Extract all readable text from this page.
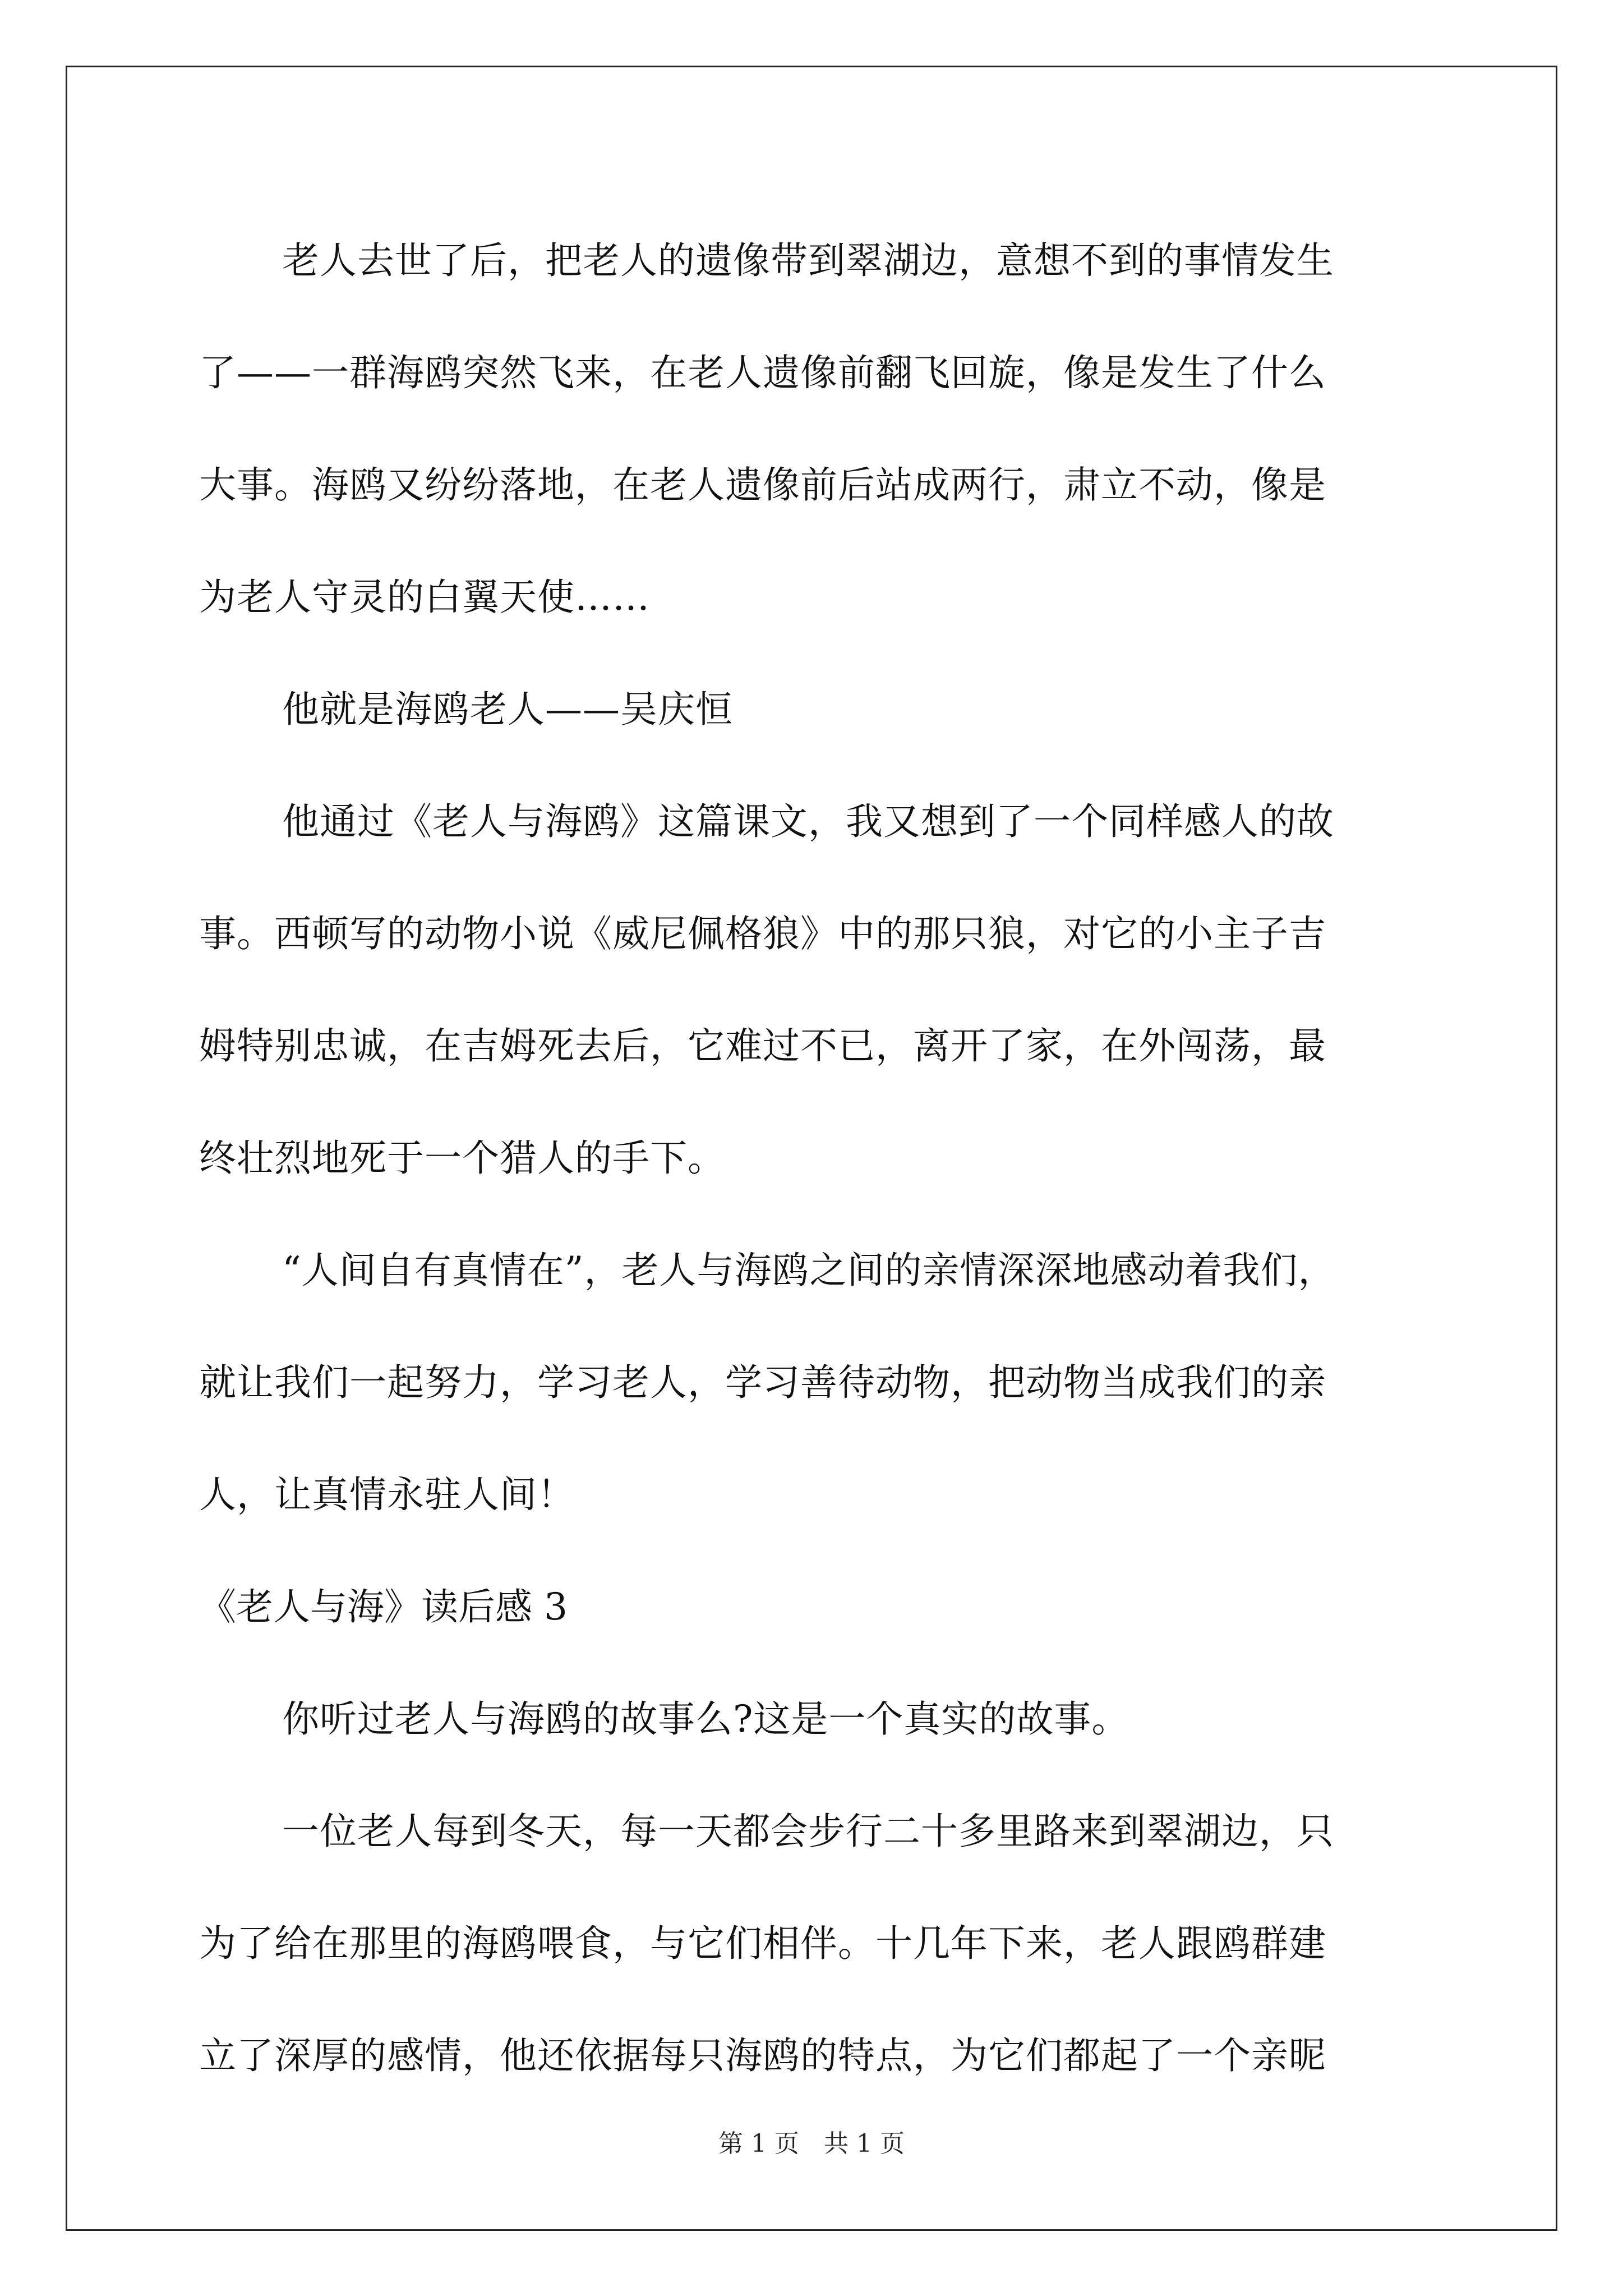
老人去世了后，把老人的遗像带到翠湖边，意想不到的事情发生
了——一群海鸥突然飞来，在老人遗像前翻飞回旋，像是发生了什么
大事。海鸥又纷纷落地，在老人遗像前后站成两行，肃立不动，像是
为老人守灵的白翼天使……
他就是海鸥老人——吴庆恒
他通过《老人与海鸥》这篇课文，我又想到了一个同样感人的故
事。西顿写的动物小说《威尼佩格狼》中的那只狼，对它的小主子吉
姆特别忠诚，在吉姆死去后，它难过不已，离开了家，在外闯荡，最
终壮烈地死于一个猎人的手下。
“人间自有真情在”，老人与海鸥之间的亲情深深地感动着我们，
就让我们一起努力，学习老人，学习善待动物，把动物当成我们的亲
人，让真情永驻人间！
《老人与海》读后感 3
你听过老人与海鸥的故事么?这是一个真实的故事。
一位老人每到冬天，每一天都会步行二十多里路来到翠湖边，只
为了给在那里的海鸥喂食，与它们相伴。十几年下来，老人跟鸥群建
立了深厚的感情，他还依据每只海鸥的特点，为它们都起了一个亲昵
第 1 页　共 1 页
